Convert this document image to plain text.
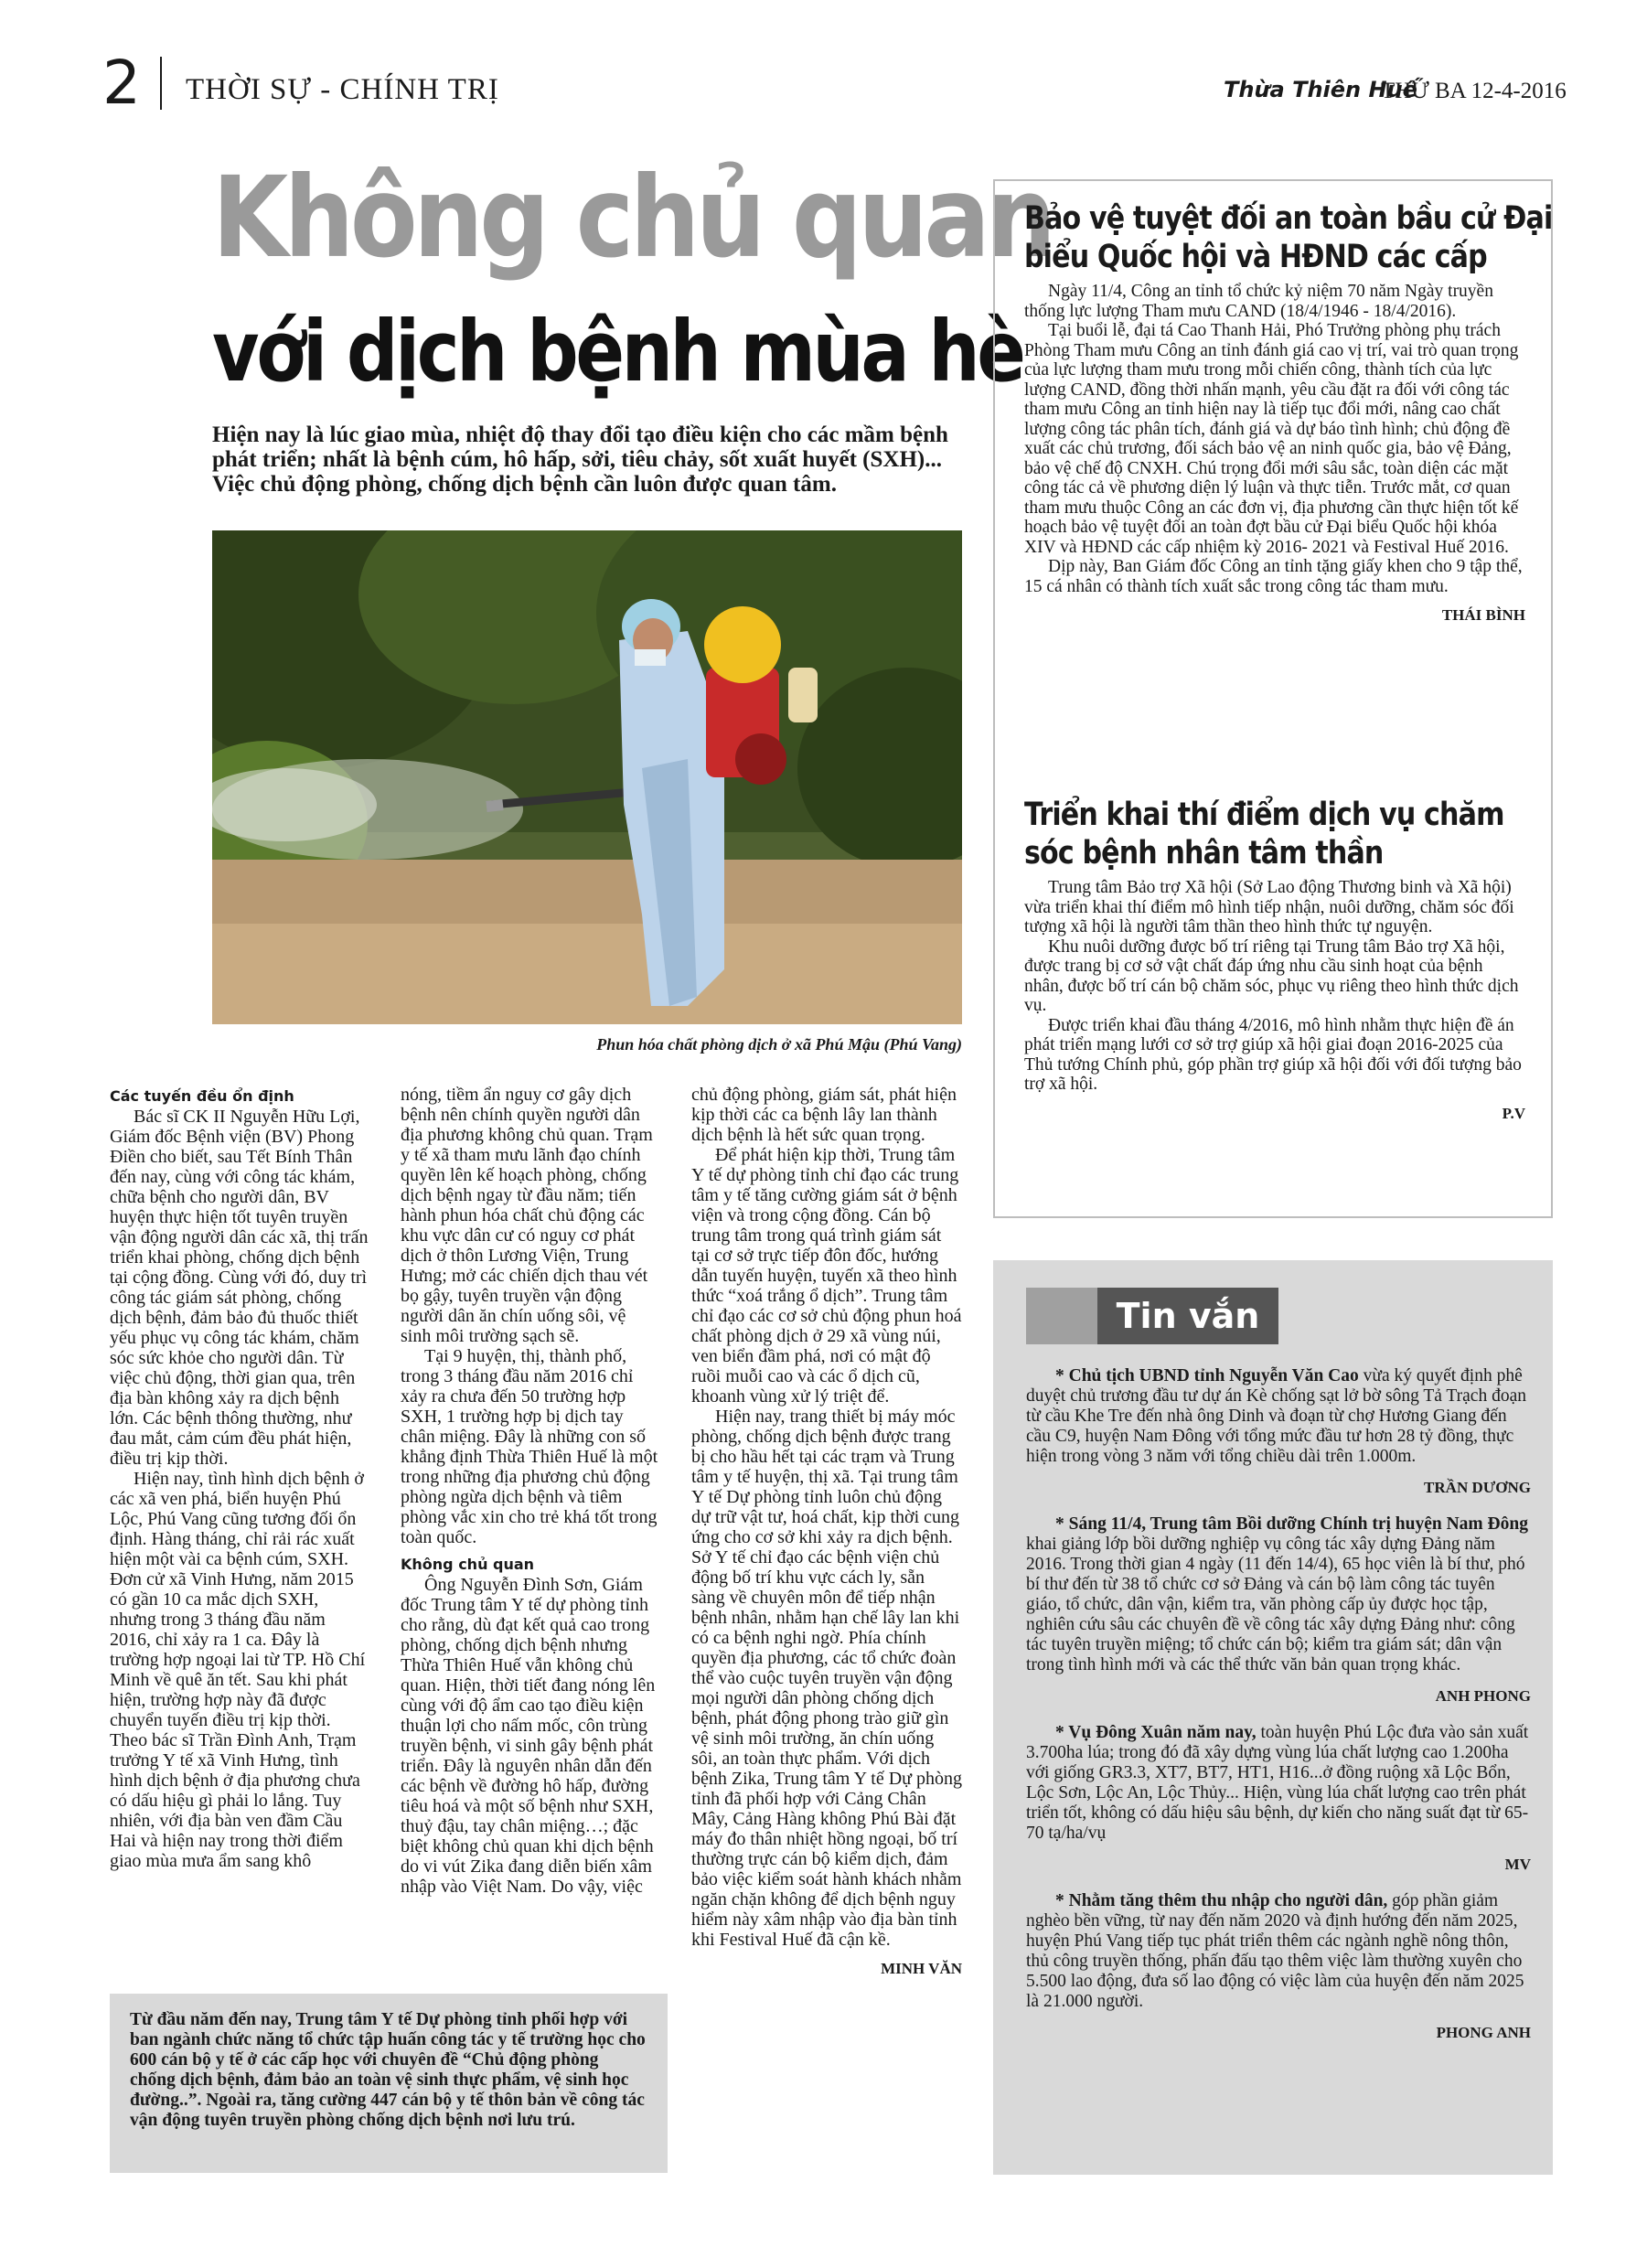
2 THỜI SỰ - CHÍNH TRỊ	Thừa Thiên Huế
THỨ BA 12-4-2016
Không chủ quan
với dịch bệnh mùa hè
Hiện nay là lúc giao mùa, nhiệt độ thay đổi tạo điều kiện cho các mầm bệnh phát triển; nhất là bệnh cúm, hô hấp, sởi, tiêu chảy, sốt xuất huyết (SXH)... Việc chủ động phòng, chống dịch bệnh cần luôn được quan tâm.
Phun hóa chất phòng dịch ở xã Phú Mậu (Phú Vang)

Các tuyến đều ổn định

Bác sĩ CK II Nguyễn Hữu Lợi, Giám đốc Bệnh viện (BV) Phong Điền cho biết, sau Tết Bính Thân đến nay, cùng với công tác khám, chữa bệnh cho người dân, BV huyện thực hiện tốt tuyên truyền vận động người dân các xã, thị trấn triển khai phòng, chống dịch bệnh tại cộng đồng. Cùng với đó, duy trì công tác giám sát phòng, chống dịch bệnh, đảm bảo đủ thuốc thiết yếu phục vụ công tác khám, chăm sóc sức khỏe cho người dân. Từ việc chủ động, thời gian qua, trên địa bàn không xảy ra dịch bệnh lớn. Các bệnh thông thường, như đau mắt, cảm cúm đều phát hiện, điều trị kịp thời.

Hiện nay, tình hình dịch bệnh ở các xã ven phá, biển huyện Phú Lộc, Phú Vang cũng tương đối ổn định. Hàng tháng, chỉ rải rác xuất hiện một vài ca bệnh cúm, SXH. Đơn cử xã Vinh Hưng, năm 2015 có gần 10 ca mắc dịch SXH, nhưng trong 3 tháng đầu năm 2016, chỉ xảy ra 1 ca. Đây là trường hợp ngoại lai từ TP. Hồ Chí Minh về quê ăn tết. Sau khi phát hiện, trường hợp này đã được chuyển tuyến điều trị kịp thời. Theo bác sĩ Trần Đình Anh, Trạm trưởng Y tế xã Vinh Hưng, tình hình dịch bệnh ở địa phương chưa có dấu hiệu gì phải lo lắng. Tuy nhiên, với địa bàn ven đầm Cầu Hai và hiện nay trong thời điểm giao mùa mưa ẩm sang khô

nóng, tiềm ẩn nguy cơ gây dịch bệnh nên chính quyền người dân địa phương không chủ quan. Trạm y tế xã tham mưu lãnh đạo chính quyền lên kế hoạch phòng, chống dịch bệnh ngay từ đầu năm; tiến hành phun hóa chất chủ động các khu vực dân cư có nguy cơ phát dịch ở thôn Lương Viện, Trung Hưng; mở các chiến dịch thau vét bọ gậy, tuyên truyền vận động người dân ăn chín uống sôi, vệ sinh môi trường sạch sẽ.

Tại 9 huyện, thị, thành phố, trong 3 tháng đầu năm 2016 chỉ xảy ra chưa đến 50 trường hợp SXH, 1 trường hợp bị dịch tay chân miệng. Đây là những con số khẳng định Thừa Thiên Huế là một trong những địa phương chủ động phòng ngừa dịch bệnh và tiêm phòng vắc xin cho trẻ khá tốt trong toàn quốc.

Không chủ quan

Ông Nguyễn Đình Sơn, Giám đốc Trung tâm Y tế dự phòng tỉnh cho rằng, dù đạt kết quả cao trong phòng, chống dịch bệnh nhưng Thừa Thiên Huế vẫn không chủ quan. Hiện, thời tiết đang nóng lên cùng với độ ẩm cao tạo điều kiện thuận lợi cho nấm mốc, côn trùng truyền bệnh, vi sinh gây bệnh phát triển. Đây là nguyên nhân dẫn đến các bệnh về đường hô hấp, đường tiêu hoá và một số bệnh như SXH, thuỷ đậu, tay chân miệng…; đặc biệt không chủ quan khi dịch bệnh do vi vút Zika đang diễn biến xâm nhập vào Việt Nam. Do vậy, việc

chủ động phòng, giám sát, phát hiện kịp thời các ca bệnh lây lan thành dịch bệnh là hết sức quan trọng.

Để phát hiện kịp thời, Trung tâm Y tế dự phòng tỉnh chỉ đạo các trung tâm y tế tăng cường giám sát ở bệnh viện và trong cộng đồng. Cán bộ trung tâm trong quá trình giám sát tại cơ sở trực tiếp đôn đốc, hướng dẫn tuyến huyện, tuyến xã theo hình thức “xoá trắng ổ dịch”. Trung tâm chỉ đạo các cơ sở chủ động phun hoá chất phòng dịch ở 29 xã vùng núi, ven biển đầm phá, nơi có mật độ ruồi muỗi cao và các ổ dịch cũ, khoanh vùng xử lý triệt để.

Hiện nay, trang thiết bị máy móc phòng, chống dịch bệnh được trang bị cho hầu hết tại các trạm và Trung tâm y tế huyện, thị xã. Tại trung tâm Y tế Dự phòng tỉnh luôn chủ động dự trữ vật tư, hoá chất, kịp thời cung ứng cho cơ sở khi xảy ra dịch bệnh. Sở Y tế chỉ đạo các bệnh viện chủ động bố trí khu vực cách ly, sẵn sàng về chuyên môn để tiếp nhận bệnh nhân, nhằm hạn chế lây lan khi có ca bệnh nghi ngờ. Phía chính quyền địa phương, các tổ chức đoàn thể vào cuộc tuyên truyền vận động mọi người dân phòng chống dịch bệnh, phát động phong trào giữ gìn vệ sinh môi trường, ăn chín uống sôi, an toàn thực phẩm. Với dịch bệnh Zika, Trung tâm Y tế Dự phòng tỉnh đã phối hợp với Cảng Chân Mây, Cảng Hàng không Phú Bài đặt máy đo thân nhiệt hồng ngoại, bố trí thường trực cán bộ kiểm dịch, đảm bảo việc kiểm soát hành khách nhằm ngăn chặn không để dịch bệnh nguy hiểm này xâm nhập vào địa bàn tỉnh khi Festival Huế đã cận kề.

MINH VĂN

Từ đầu năm đến nay, Trung tâm Y tế Dự phòng tỉnh phối hợp với ban ngành chức năng tổ chức tập huấn công tác y tế trường học cho 600 cán bộ y tế ở các cấp học với chuyên đề “Chủ động phòng chống dịch bệnh, đảm bảo an toàn vệ sinh thực phẩm, vệ sinh học đường..”. Ngoài ra, tăng cường 447 cán bộ y tế thôn bản về công tác vận động tuyên truyền phòng chống dịch bệnh nơi lưu trú.
Bảo vệ tuyệt đối an toàn bầu cử Đại
biểu Quốc hội và HĐND các cấp

Ngày 11/4, Công an tỉnh tổ chức kỷ niệm 70 năm Ngày truyền thống lực lượng Tham mưu CAND (18/4/1946 - 18/4/2016).

Tại buổi lễ, đại tá Cao Thanh Hải, Phó Trưởng phòng phụ trách Phòng Tham mưu Công an tỉnh đánh giá cao vị trí, vai trò quan trọng của lực lượng tham mưu trong mỗi chiến công, thành tích của lực lượng CAND, đồng thời nhấn mạnh, yêu cầu đặt ra đối với công tác tham mưu Công an tỉnh hiện nay là tiếp tục đổi mới, nâng cao chất lượng công tác phân tích, đánh giá và dự báo tình hình; chủ động đề xuất các chủ trương, đối sách bảo vệ an ninh quốc gia, bảo vệ Đảng, bảo vệ chế độ CNXH. Chú trọng đổi mới sâu sắc, toàn diện các mặt công tác cả về phương diện lý luận và thực tiễn. Trước mắt, cơ quan tham mưu thuộc Công an các đơn vị, địa phương cần thực hiện tốt kế hoạch bảo vệ tuyệt đối an toàn đợt bầu cử Đại biểu Quốc hội khóa XIV và HĐND các cấp nhiệm kỳ 2016- 2021 và Festival Huế 2016.

Dịp này, Ban Giám đốc Công an tỉnh tặng giấy khen cho 9 tập thể, 15 cá nhân có thành tích xuất sắc trong công tác tham mưu.

THÁI BÌNH

Triển khai thí điểm dịch vụ chăm
sóc bệnh nhân tâm thần

Trung tâm Bảo trợ Xã hội (Sở Lao động Thương binh và Xã hội) vừa triển khai thí điểm mô hình tiếp nhận, nuôi dưỡng, chăm sóc đối tượng xã hội là người tâm thần theo hình thức tự nguyện.

Khu nuôi dưỡng được bố trí riêng tại Trung tâm Bảo trợ Xã hội, được trang bị cơ sở vật chất đáp ứng nhu cầu sinh hoạt của bệnh nhân, được bố trí cán bộ chăm sóc, phục vụ riêng theo hình thức dịch vụ.

Được triển khai đầu tháng 4/2016, mô hình nhằm thực hiện đề án phát triển mạng lưới cơ sở trợ giúp xã hội giai đoạn 2016-2025 của Thủ tướng Chính phủ, góp phần trợ giúp xã hội đối với đối tượng bảo trợ xã hội.

P.V

Tin vắn

* Chủ tịch UBND tỉnh Nguyễn Văn Cao vừa ký quyết định phê duyệt chủ trương đầu tư dự án Kè chống sạt lở bờ sông Tả Trạch đoạn từ cầu Khe Tre đến nhà ông Dinh và đoạn từ chợ Hương Giang đến cầu C9, huyện Nam Đông với tổng mức đầu tư hơn 28 tỷ đồng, thực hiện trong vòng 3 năm với tổng chiều dài trên 1.000m.

TRẦN DƯƠNG

* Sáng 11/4, Trung tâm Bồi dưỡng Chính trị huyện Nam Đông khai giảng lớp bồi dưỡng nghiệp vụ công tác xây dựng Đảng năm 2016. Trong thời gian 4 ngày (11 đến 14/4), 65 học viên là bí thư, phó bí thư đến từ 38 tổ chức cơ sở Đảng và cán bộ làm công tác tuyên giáo, tổ chức, dân vận, kiểm tra, văn phòng cấp ủy được học tập, nghiên cứu sâu các chuyên đề về công tác xây dựng Đảng như: công tác tuyên truyền miệng; tổ chức cán bộ; kiểm tra giám sát; dân vận trong tình hình mới và các thể thức văn bản quan trọng khác.

ANH PHONG

* Vụ Đông Xuân năm nay, toàn huyện Phú Lộc đưa vào sản xuất 3.700ha lúa; trong đó đã xây dựng vùng lúa chất lượng cao 1.200ha với giống GR3.3, XT7, BT7, HT1, H16...ở đồng ruộng xã Lộc Bổn, Lộc Sơn, Lộc An, Lộc Thủy... Hiện, vùng lúa chất lượng cao trên phát triển tốt, không có dấu hiệu sâu bệnh, dự kiến cho năng suất đạt từ 65-70 tạ/ha/vụ

MV

* Nhằm tăng thêm thu nhập cho người dân, góp phần giảm nghèo bền vững, từ nay đến năm 2020 và định hướng đến năm 2025, huyện Phú Vang tiếp tục phát triển thêm các ngành nghề nông thôn, thủ công truyền thống, phấn đấu tạo thêm việc làm thường xuyên cho 5.500 lao động, đưa số lao động có việc làm của huyện đến năm 2025 là 21.000 người.

PHONG ANH
